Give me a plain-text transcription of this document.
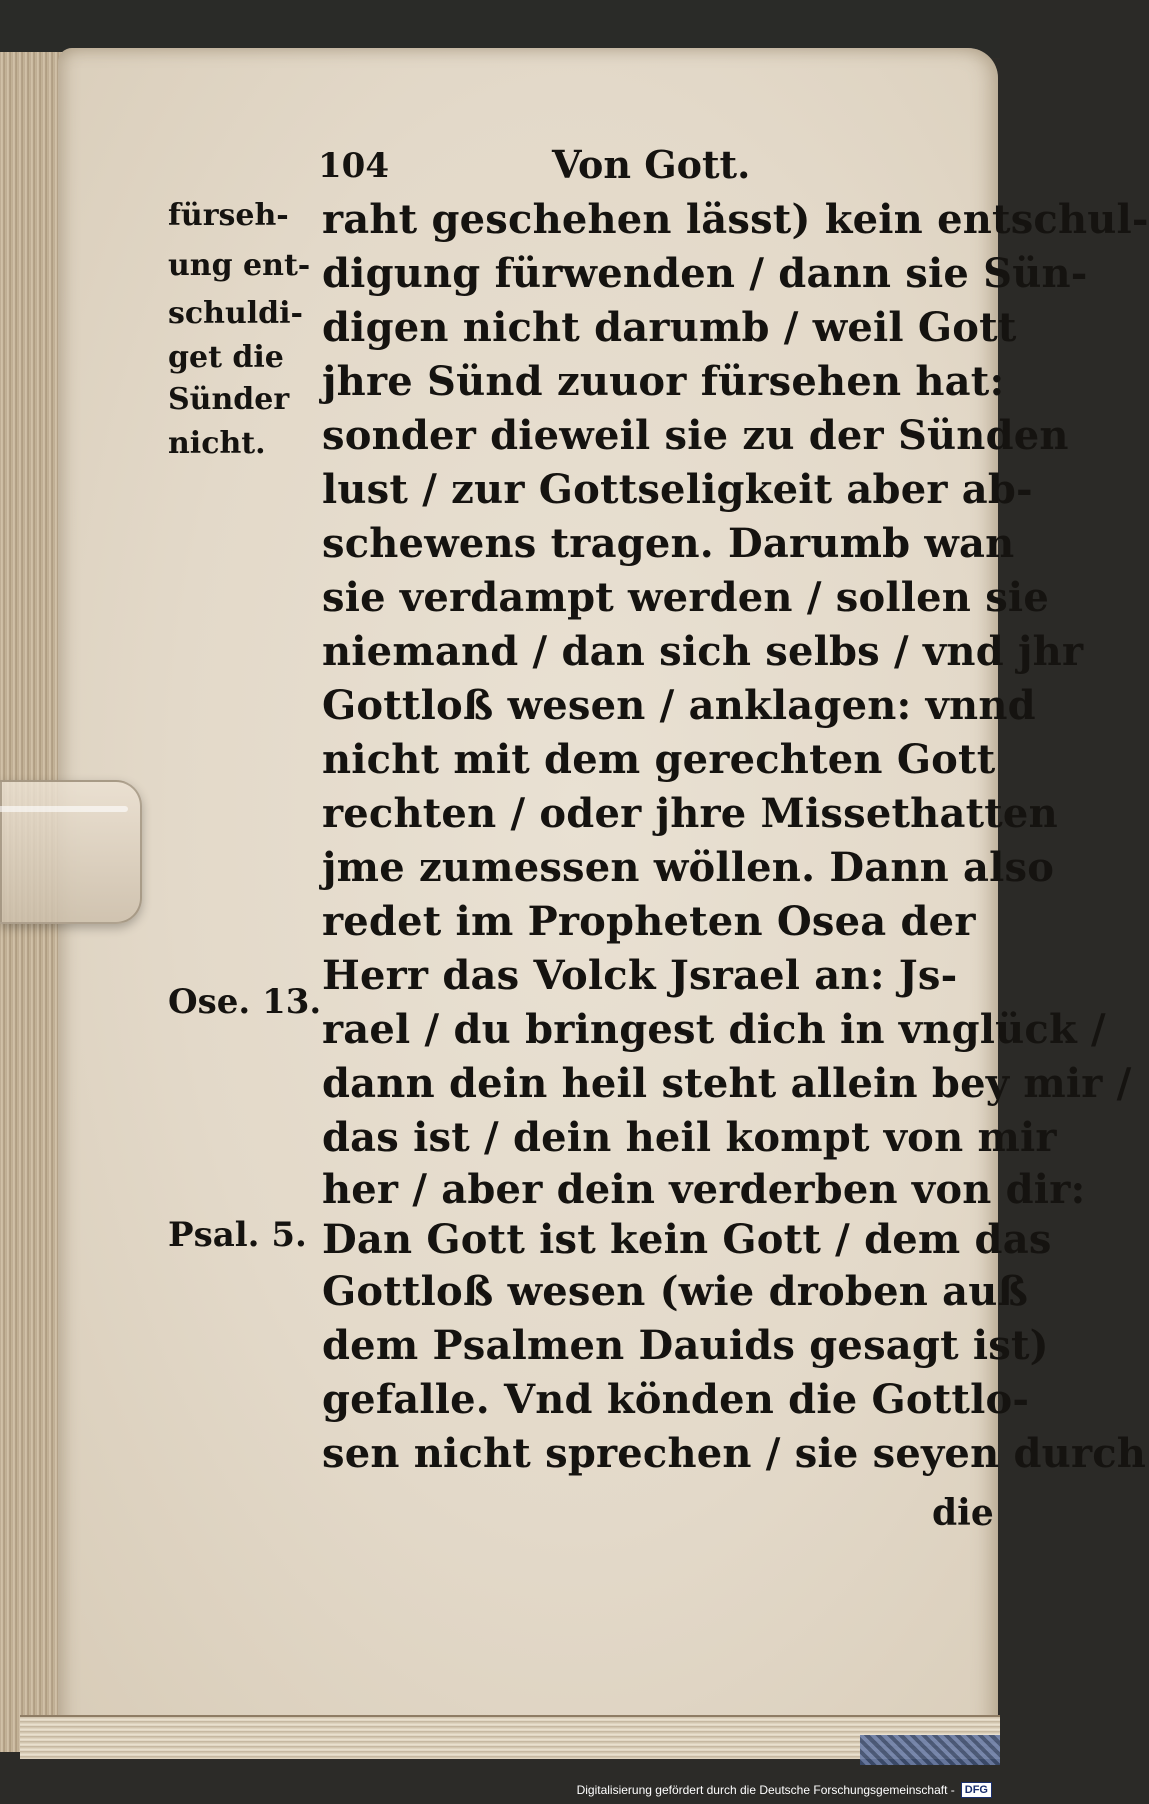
104	Von Gott.
fürseh-
ung ent-
schuldi-
get die
Sünder
nicht.
Ose. 13.
Psal. 5.
raht geschehen lässt) kein entschul-
digung fürwenden / dann sie Sün-
digen nicht darumb / weil Gott
jhre Sünd zuuor fürsehen hat:
sonder dieweil sie zu der Sünden
lust / zur Gottseligkeit aber ab-
schewens tragen. Darumb wan
sie verdampt werden / sollen sie
niemand / dan sich selbs / vnd jhr
Gottloß wesen / anklagen: vnnd
nicht mit dem gerechten Gott
rechten / oder jhre Missethatten
jme zumessen wöllen. Dann also
redet im Propheten Osea der
Herr das Volck Jsrael an: Js-
rael / du bringest dich in vnglück /
dann dein heil steht allein bey mir /
das ist / dein heil kompt von mir
her / aber dein verderben von dir:
Dan Gott ist kein Gott / dem das
Gottloß wesen (wie droben auß
dem Psalmen Dauids gesagt ist)
gefalle. Vnd könden die Gottlo-
sen nicht sprechen / sie seyen durch
die
Digitalisierung gefördert durch die Deutsche Forschungsgemeinschaft - DFG
